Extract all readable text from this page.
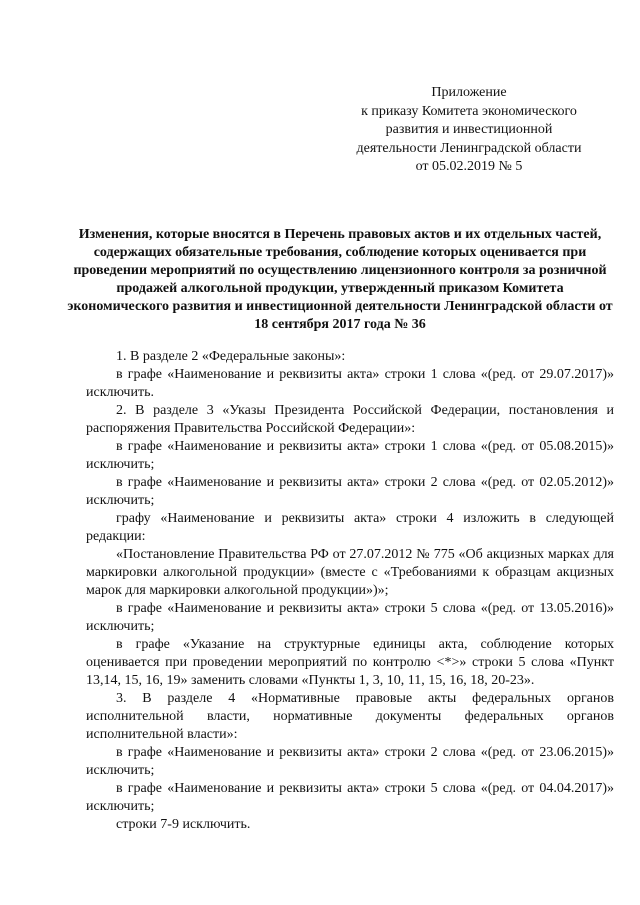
Приложение
к приказу Комитета экономического
развития и инвестиционной
деятельности Ленинградской области
от 05.02.2019 № 5
Изменения, которые вносятся в Перечень правовых актов и их отдельных частей, содержащих обязательные требования, соблюдение которых оценивается при проведении мероприятий по осуществлению лицензионного контроля за розничной продажей алкогольной продукции, утвержденный приказом Комитета экономического развития и инвестиционной деятельности Ленинградской области от 18 сентября 2017 года № 36

1. В разделе 2 «Федеральные законы»:

в графе «Наименование и реквизиты акта» строки 1 слова «(ред. от 29.07.2017)» исключить.

2. В разделе 3 «Указы Президента Российской Федерации, постановления и распоряжения Правительства Российской Федерации»:

в графе «Наименование и реквизиты акта» строки 1 слова «(ред. от 05.08.2015)» исключить;

в графе «Наименование и реквизиты акта» строки 2 слова «(ред. от 02.05.2012)» исключить;

графу «Наименование и реквизиты акта» строки 4 изложить в следующей редакции:

«Постановление Правительства РФ от 27.07.2012 № 775 «Об акцизных марках для маркировки алкогольной продукции» (вместе с «Требованиями к образцам акцизных марок для маркировки алкогольной продукции»)»;

в графе «Наименование и реквизиты акта» строки 5 слова «(ред. от 13.05.2016)» исключить;

в графе «Указание на структурные единицы акта, соблюдение которых оценивается при проведении мероприятий по контролю <*>» строки 5 слова «Пункт 13,14, 15, 16, 19» заменить словами «Пункты 1, 3, 10, 11, 15, 16, 18, 20-23».

3. В разделе 4 «Нормативные правовые акты федеральных органов исполнительной власти, нормативные документы федеральных органов исполнительной власти»:

в графе «Наименование и реквизиты акта» строки 2 слова «(ред. от 23.06.2015)» исключить;

в графе «Наименование и реквизиты акта» строки 5 слова «(ред. от 04.04.2017)» исключить;

строки 7-9 исключить.
